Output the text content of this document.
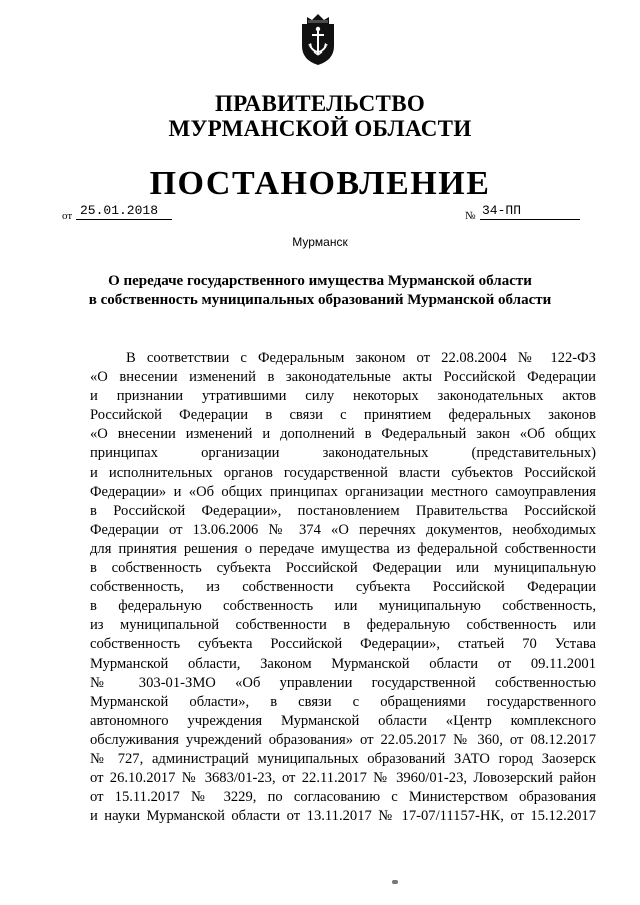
ПРАВИТЕЛЬСТВО
МУРМАНСКОЙ ОБЛАСТИ
ПОСТАНОВЛЕНИЕ
от 25.01.2018	№ 34-ПП
Мурманск
О передаче государственного имущества Мурманской области
в собственность муниципальных образований Мурманской области
В соответствии с Федеральным законом от 22.08.2004 № 122-ФЗ
«О внесении изменений в законодательные акты Российской Федерации
и признании утратившими силу некоторых законодательных актов
Российской Федерации в связи с принятием федеральных законов
«О внесении изменений и дополнений в Федеральный закон «Об общих
принципах организации законодательных (представительных)
и исполнительных органов государственной власти субъектов Российской
Федерации» и «Об общих принципах организации местного самоуправления
в Российской Федерации», постановлением Правительства Российской
Федерации от 13.06.2006 № 374 «О перечнях документов, необходимых
для принятия решения о передаче имущества из федеральной собственности
в собственность субъекта Российской Федерации или муниципальную
собственность, из собственности субъекта Российской Федерации
в федеральную собственность или муниципальную собственность,
из муниципальной собственности в федеральную собственность или
собственность субъекта Российской Федерации», статьей 70 Устава
Мурманской области, Законом Мурманской области от 09.11.2001
№ 303-01-ЗМО «Об управлении государственной собственностью
Мурманской области», в связи с обращениями государственного
автономного учреждения Мурманской области «Центр комплексного
обслуживания учреждений образования» от 22.05.2017 № 360, от 08.12.2017
№ 727, администраций муниципальных образований ЗАТО город Заозерск
от 26.10.2017 № 3683/01-23, от 22.11.2017 № 3960/01-23, Ловозерский район
от 15.11.2017 № 3229, по согласованию с Министерством образования
и науки Мурманской области от 13.11.2017 № 17-07/11157-НК, от 15.12.2017
